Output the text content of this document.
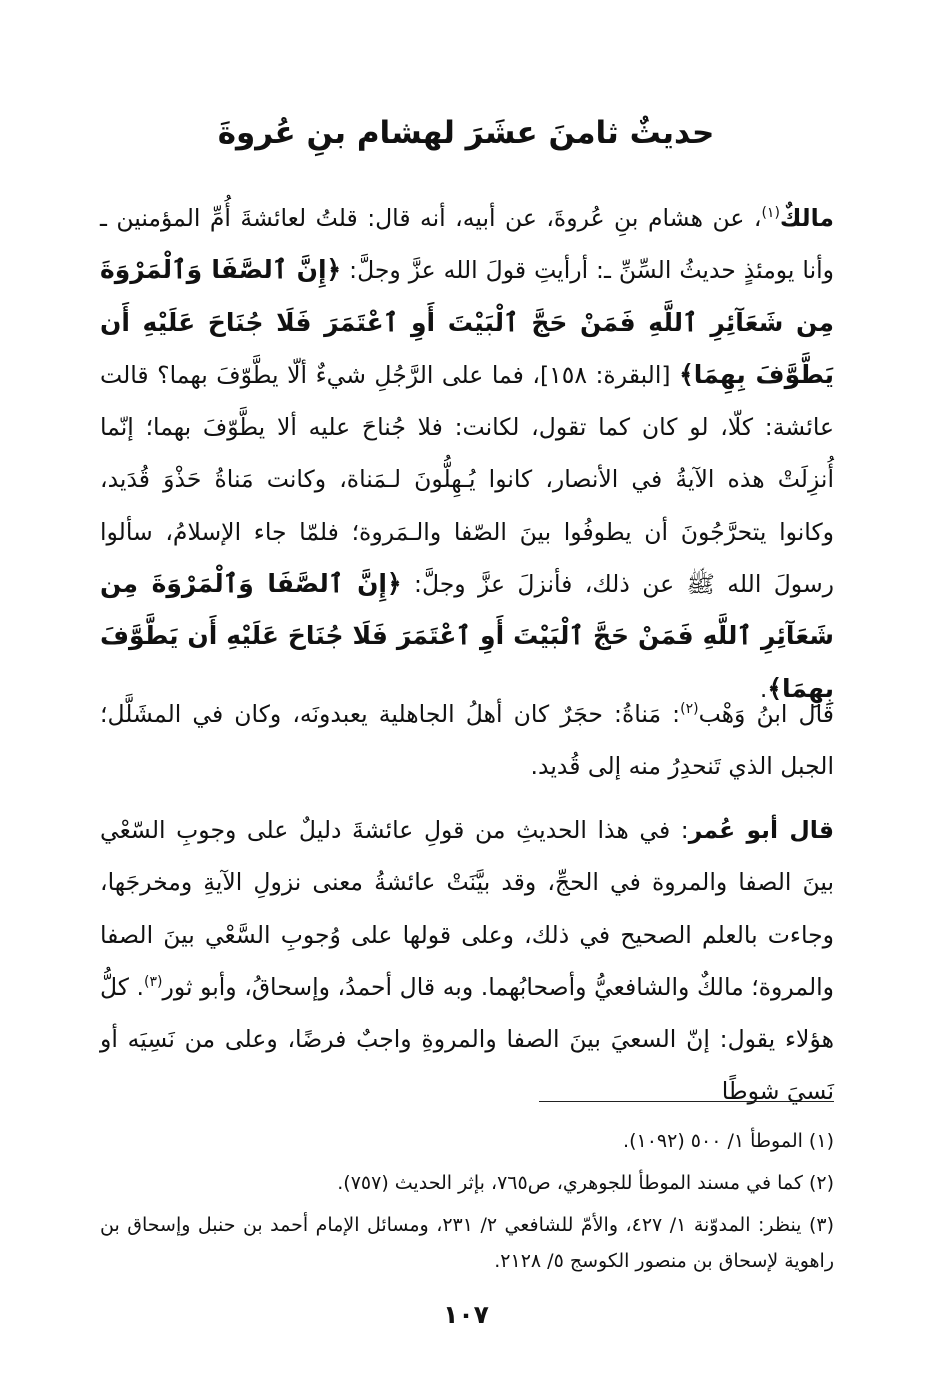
حديثٌ ثامنَ عشَرَ لهشام بنِ عُروةَ

مالكٌ$^{(١)}$، عن هشام بنِ عُروةَ، عن أبيه، أنه قال: قلتُ لعائشةَ أُمِّ المؤمنين ـ وأنا يومئذٍ حديثُ السِّنِّ ـ: أرأيتِ قولَ الله عزَّ وجلَّ: ﴿إِنَّ ٱلصَّفَا وَٱلْمَرْوَةَ مِن شَعَآئِرِ ٱللَّهِ فَمَنْ حَجَّ ٱلْبَيْتَ أَوِ ٱعْتَمَرَ فَلَا جُنَاحَ عَلَيْهِ أَن يَطَّوَّفَ بِهِمَا﴾ [البقرة: ١٥٨]، فما على الرَّجُلِ شيءٌ ألّا يطَّوّفَ بهما؟ قالت عائشة: كلّا، لو كان كما تقول، لكانت: فلا جُناحَ عليه ألا يطَّوّفَ بهما؛ إنّما أُنزِلَتْ هذه الآيةُ في الأنصار، كانوا يُـهِلُّونَ لـمَناة، وكانت مَناةُ حَذْوَ قُدَيد، وكانوا يتحرَّجُونَ أن يطوفُوا بينَ الصّفا والـمَروة؛ فلمّا جاء الإسلامُ، سألوا رسولَ الله ﷺ عن ذلك، فأنزلَ عزَّ وجلَّ: ﴿إِنَّ ٱلصَّفَا وَٱلْمَرْوَةَ مِن شَعَآئِرِ ٱللَّهِ فَمَنْ حَجَّ ٱلْبَيْتَ أَوِ ٱعْتَمَرَ فَلَا جُنَاحَ عَلَيْهِ أَن يَطَّوَّفَ بِهِمَا﴾.

قال ابنُ وَهْب$^{(٢)}$: مَناةُ: حجَرٌ كان أهلُ الجاهلية يعبدونَه، وكان في المشَلَّل؛ الجبل الذي تَنحدِرُ منه إلى قُديد.

قال أبو عُمر: في هذا الحديثِ من قولِ عائشةَ دليلٌ على وجوبِ السّعْي بينَ الصفا والمروة في الحجِّ، وقد بيَّنَتْ عائشةُ معنى نزولِ الآيةِ ومخرجَها، وجاءت بالعلم الصحيح في ذلك، وعلى قولها على وُجوبِ السَّعْي بينَ الصفا والمروة؛ مالكٌ والشافعيُّ وأصحابُهما. وبه قال أحمدُ، وإسحاقُ، وأبو ثور$^{(٣)}$. كلُّ هؤلاء يقول: إنّ السعيَ بينَ الصفا والمروةِ واجبٌ فرضًا، وعلى من نَسِيَه أو نَسيَ شوطًا

(١) الموطأ ١/ ٥٠٠ (١٠٩٢).

(٢) كما في مسند الموطأ للجوهري، ص٧٦٥، بإثر الحديث (٧٥٧).

(٣) ينظر: المدوّنة ١/ ٤٢٧، والأمّ للشافعي ٢/ ٢٣١، ومسائل الإمام أحمد بن حنبل وإسحاق بن راهوية لإسحاق بن منصور الكوسج ٥/ ٢١٢٨.

١٠٧
